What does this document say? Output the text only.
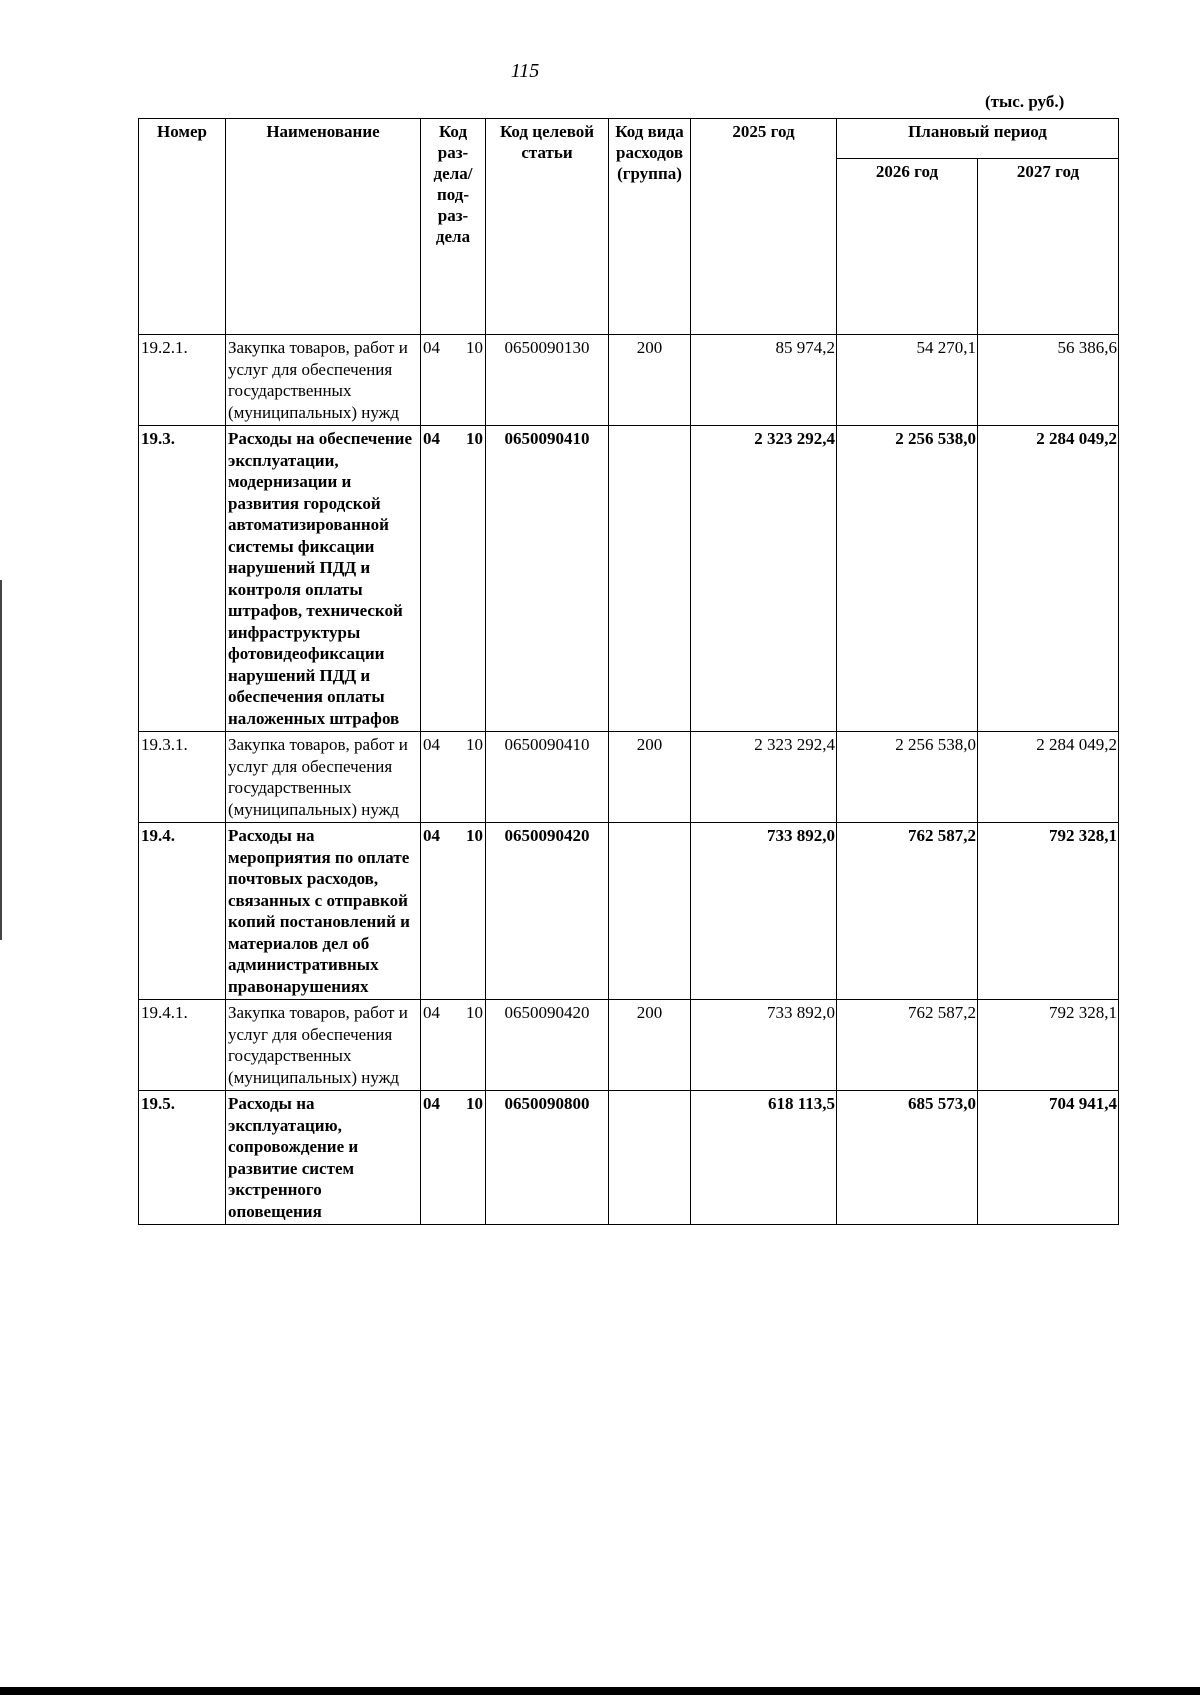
115
(тыс. руб.)
Номер	Наименование	Код раз-дела/ под-раз-дела	Код целевой статьи	Код вида расходов (группа)	2025 год	Плановый период	
						2026 год	2027 год
19.2.1.	Закупка товаров, работ и услуг для обеспечения государственных (муниципальных) нужд	04 10	0650090130	200	85 974,2	54 270,1	56 386,6
19.3.	Расходы на обеспечение эксплуатации, модернизации и развития городской автоматизированной системы фиксации нарушений ПДД и контроля оплаты штрафов, технической инфраструктуры фотовидеофиксации нарушений ПДД и обеспечения оплаты наложенных штрафов	04 10	0650090410		2 323 292,4	2 256 538,0	2 284 049,2
19.3.1.	Закупка товаров, работ и услуг для обеспечения государственных (муниципальных) нужд	04 10	0650090410	200	2 323 292,4	2 256 538,0	2 284 049,2
19.4.	Расходы на мероприятия по оплате почтовых расходов, связанных с отправкой копий постановлений и материалов дел об административных правонарушениях	04 10	0650090420		733 892,0	762 587,2	792 328,1
19.4.1.	Закупка товаров, работ и услуг для обеспечения государственных (муниципальных) нужд	04 10	0650090420	200	733 892,0	762 587,2	792 328,1
19.5.	Расходы на эксплуатацию, сопровождение и развитие систем экстренного оповещения	04 10	0650090800		618 113,5	685 573,0	704 941,4
